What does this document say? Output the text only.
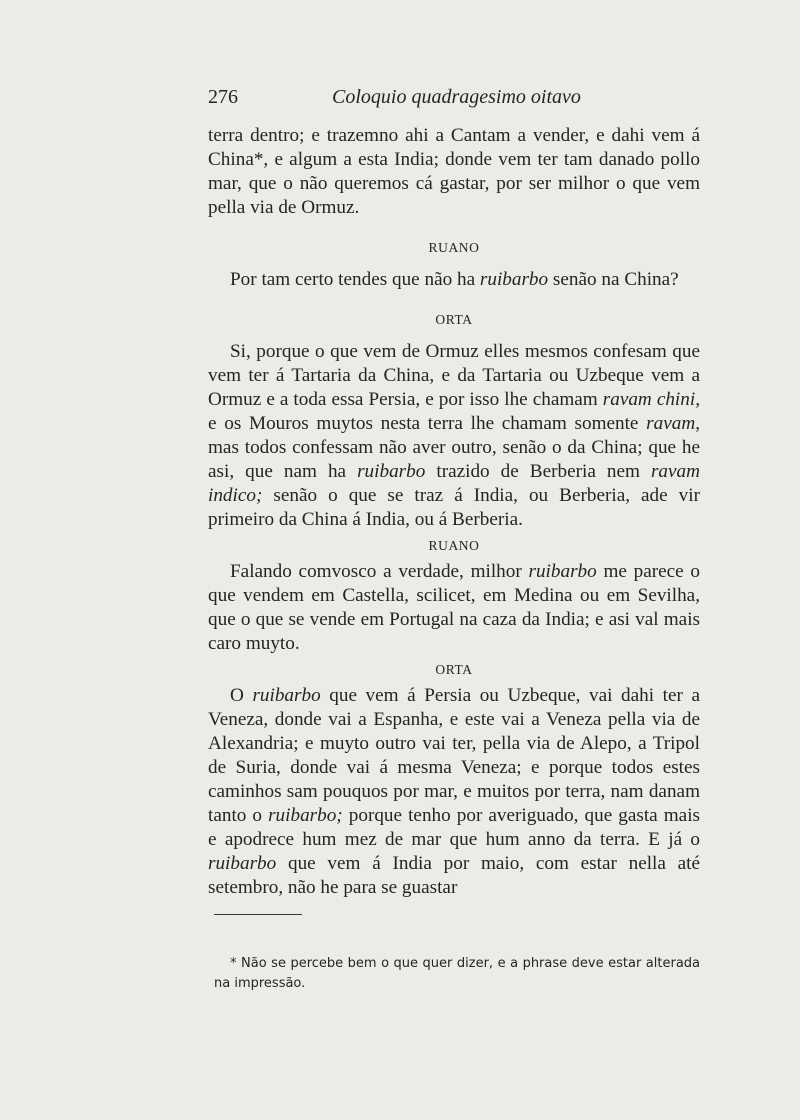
276	Coloquio quadragesimo oitavo

terra dentro; e trazemno ahi a Cantam a vender, e dahi vem á China*, e algum a esta India; donde vem ter tam danado pollo mar, que o não queremos cá gastar, por ser milhor o que vem pella via de Ormuz.

RUANO

Por tam certo tendes que não ha ruibarbo senão na China?

ORTA

Si, porque o que vem de Ormuz elles mesmos confesam que vem ter á Tartaria da China, e da Tartaria ou Uzbeque vem a Ormuz e a toda essa Persia, e por isso lhe chamam ravam chini, e os Mouros muytos nesta terra lhe chamam somente ravam, mas todos confessam não aver outro, senão o da China; que he asi, que nam ha ruibarbo trazido de Berberia nem ravam indico; senão o que se traz á India, ou Berberia, ade vir primeiro da China á India, ou á Berberia.

RUANO

Falando comvosco a verdade, milhor ruibarbo me parece o que vendem em Castella, scilicet, em Medina ou em Sevilha, que o que se vende em Portugal na caza da India; e asi val mais caro muyto.

ORTA

O ruibarbo que vem á Persia ou Uzbeque, vai dahi ter a Veneza, donde vai a Espanha, e este vai a Veneza pella via de Alexandria; e muyto outro vai ter, pella via de Alepo, a Tripol de Suria, donde vai á mesma Veneza; e porque todos estes caminhos sam pouquos por mar, e muitos por terra, nam danam tanto o ruibarbo; porque tenho por averiguado, que gasta mais e apodrece hum mez de mar que hum anno da terra. E já o ruibarbo que vem á India por maio, com estar nella até setembro, não he para se guastar

* Não se percebe bem o que quer dizer, e a phrase deve estar alterada na impressão.
